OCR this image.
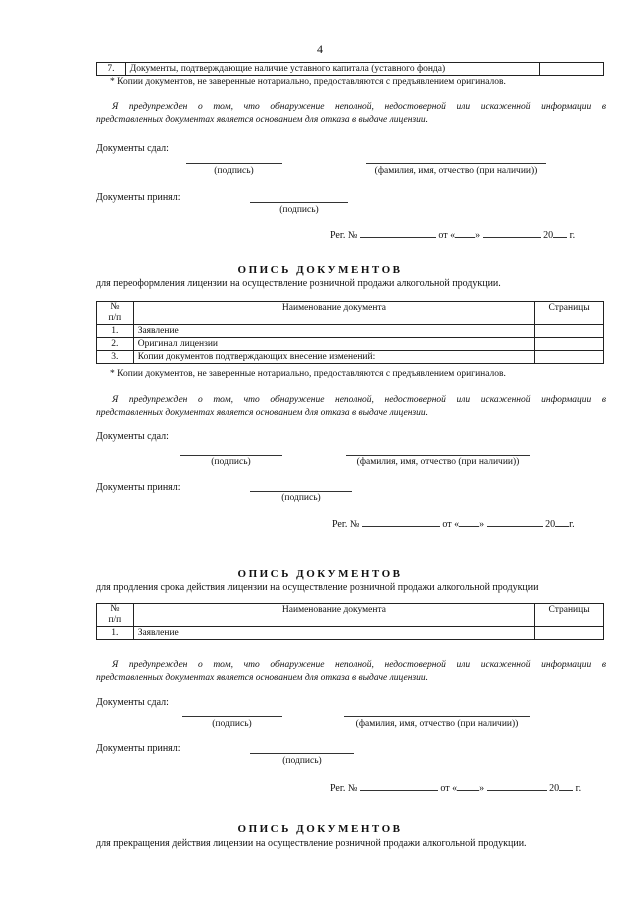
4
7.	Документы, подтверждающие наличие уставного капитала (уставного фонда)	
* Копии документов, не заверенные нотариально, предоставляются с предъявлением оригиналов.
Я предупрежден о том, что обнаружение неполной, недостоверной или искаженной информации в
представленных документах является основанием для отказа в выдаче лицензии.
Документы сдал:
(подпись)	(фамилия, имя, отчество (при наличии))
Документы принял:
(подпись)
Рег. №	от « »	20 г.
ОПИСЬ ДОКУМЕНТОВ
для переоформления лицензии на осуществление розничной продажи алкогольной продукции.
№
п/п	Наименование документа	Страницы
1.	Заявление	
2.	Оригинал лицензии	
3.	Копии документов подтверждающих внесение изменений:	
* Копии документов, не заверенные нотариально, предоставляются с предъявлением оригиналов.
Я предупрежден о том, что обнаружение неполной, недостоверной или искаженной информации в
представленных документах является основанием для отказа в выдаче лицензии.
Документы сдал:
(подпись)	(фамилия, имя, отчество (при наличии))
Документы принял:
(подпись)
Рег. №	от « »	20 г.
ОПИСЬ ДОКУМЕНТОВ
для продления срока действия лицензии на осуществление розничной продажи алкогольной продукции
№
п/п	Наименование документа	Страницы
1.	Заявление	
Я предупрежден о том, что обнаружение неполной, недостоверной или искаженной информации в
представленных документах является основанием для отказа в выдаче лицензии.
Документы сдал:
(подпись)	(фамилия, имя, отчество (при наличии))
Документы принял:
(подпись)
Рег. №	от « »	20 г.
ОПИСЬ ДОКУМЕНТОВ
для прекращения действия лицензии на осуществление розничной продажи алкогольной продукции.
